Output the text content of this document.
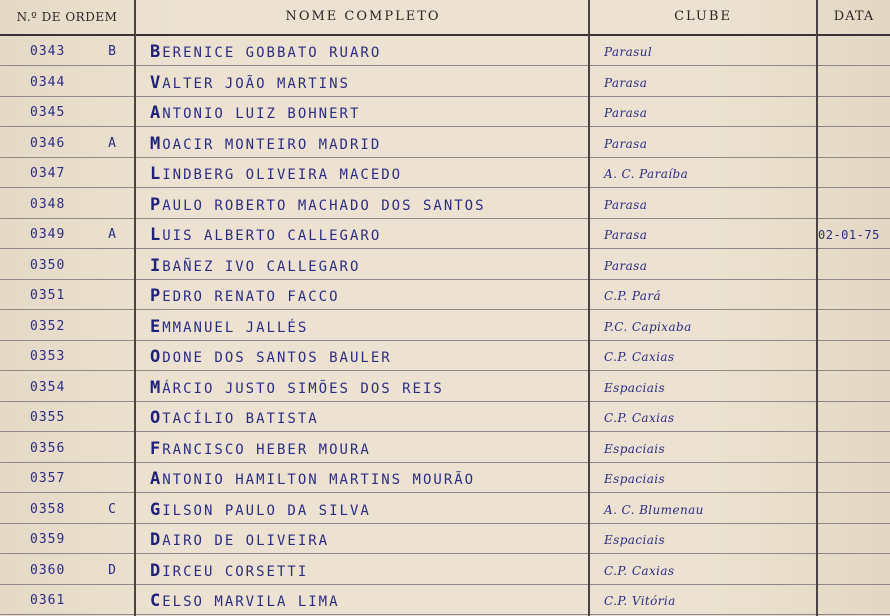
N.º DE ORDEM	NOME COMPLETO	CLUBE	DATA
0343	B	BERENICE GOBBATO RUARO	Parasul
0344	VALTER JOÃO MARTINS	Parasa
0345	ANTONIO LUIZ BOHNERT	Parasa
0346	A	MOACIR MONTEIRO MADRID	Parasa
0347	LINDBERG OLIVEIRA MACEDO	A. C. Paraíba
0348	PAULO ROBERTO MACHADO DOS SANTOS	Parasa
0349	A	LUIS ALBERTO CALLEGARO	Parasa	02-01-75
0350	IBAÑEZ IVO CALLEGARO	Parasa
0351	PEDRO RENATO FACCO	C.P. Pará
0352	EMMANUEL JALLÉS	P.C. Capixaba
0353	ODONE DOS SANTOS BAULER	C.P. Caxias
0354	MÁRCIO JUSTO SIMÕES DOS REIS	Espaciais
0355	OTACÍLIO BATISTA	C.P. Caxias
0356	FRANCISCO HEBER MOURA	Espaciais
0357	ANTONIO HAMILTON MARTINS MOURÃO	Espaciais
0358	C	GILSON PAULO DA SILVA	A. C. Blumenau
0359	DAIRO DE OLIVEIRA	Espaciais
0360	D	DIRCEU CORSETTI	C.P. Caxias
0361	CELSO MARVILA LIMA	C.P. Vitória
